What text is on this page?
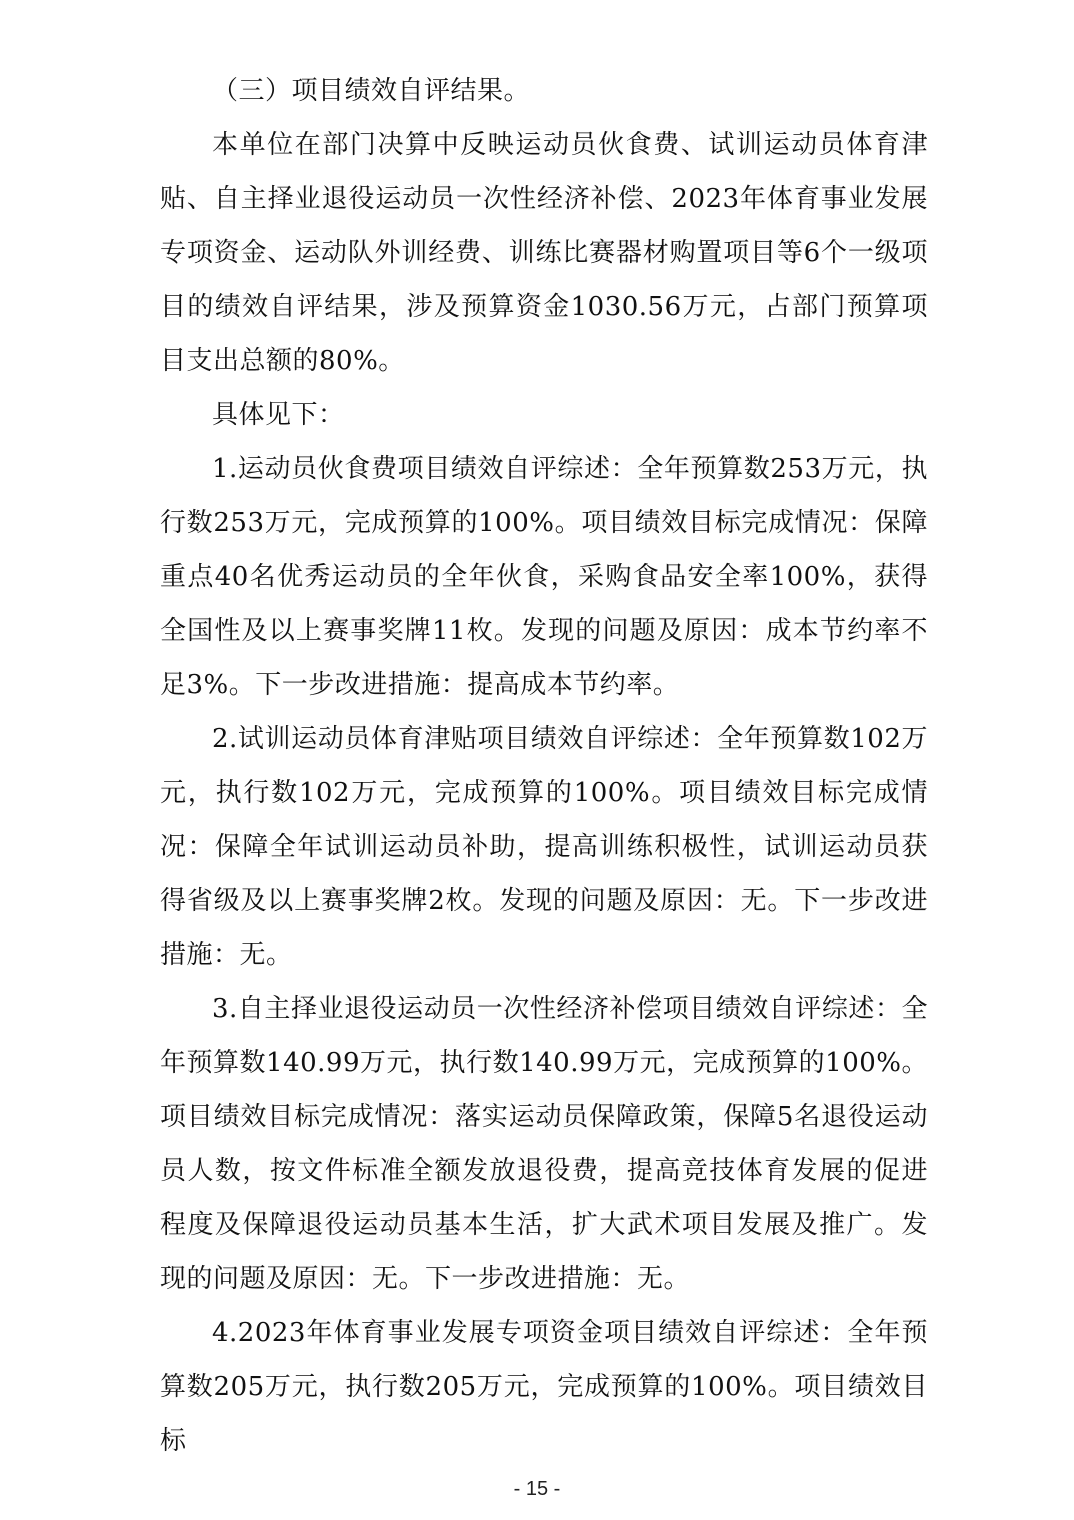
（三）项目绩效自评结果。

本单位在部门决算中反映运动员伙食费、试训运动员体育津贴、自主择业退役运动员一次性经济补偿、2023年体育事业发展专项资金、运动队外训经费、训练比赛器材购置项目等6个一级项目的绩效自评结果，涉及预算资金1030.56万元，占部门预算项目支出总额的80%。

具体见下：

1.运动员伙食费项目绩效自评综述：全年预算数253万元，执行数253万元，完成预算的100%。项目绩效目标完成情况：保障重点40名优秀运动员的全年伙食，采购食品安全率100%，获得全国性及以上赛事奖牌11枚。发现的问题及原因：成本节约率不足3%。下一步改进措施：提高成本节约率。

2.试训运动员体育津贴项目绩效自评综述：全年预算数102万元，执行数102万元，完成预算的100%。项目绩效目标完成情况：保障全年试训运动员补助，提高训练积极性，试训运动员获得省级及以上赛事奖牌2枚。发现的问题及原因：无。下一步改进措施：无。

3.自主择业退役运动员一次性经济补偿项目绩效自评综述：全年预算数140.99万元，执行数140.99万元，完成预算的100%。项目绩效目标完成情况：落实运动员保障政策，保障5名退役运动员人数，按文件标准全额发放退役费，提高竞技体育发展的促进程度及保障退役运动员基本生活，扩大武术项目发展及推广。发现的问题及原因：无。下一步改进措施：无。

4.2023年体育事业发展专项资金项目绩效自评综述：全年预算数205万元，执行数205万元，完成预算的100%。项目绩效目标

- 15 -
